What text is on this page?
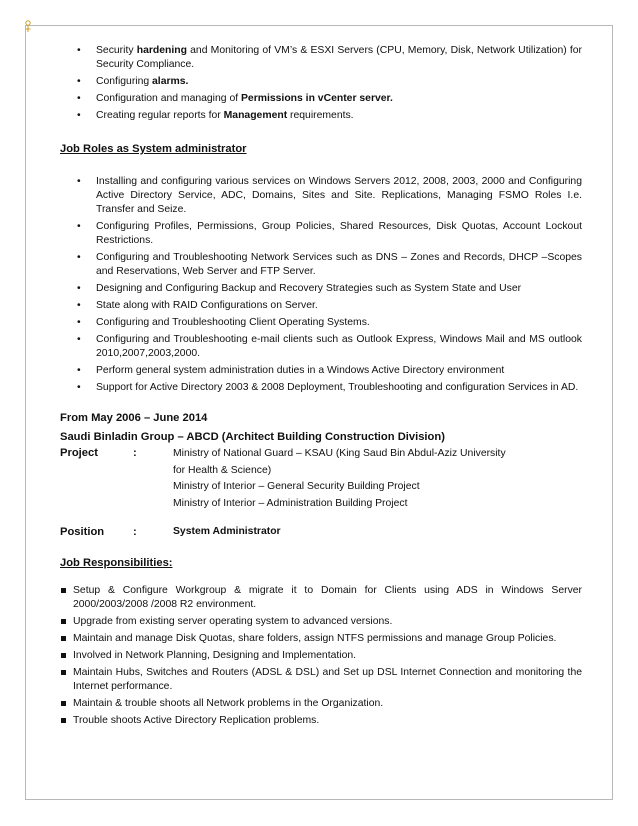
• Security hardening and Monitoring of VM’s & ESXI Servers (CPU, Memory, Disk, Network Utilization) for Security Compliance.
• Configuring alarms.
• Configuration and managing of Permissions in vCenter server.
• Creating regular reports for Management requirements.
Job Roles as System administrator
• Installing and configuring various services on Windows Servers 2012, 2008, 2003, 2000 and Configuring Active Directory Service, ADC, Domains, Sites and Site. Replications, Managing FSMO Roles I.e. Transfer and Seize.
• Configuring Profiles, Permissions, Group Policies, Shared Resources, Disk Quotas, Account Lockout Restrictions.
• Configuring and Troubleshooting Network Services such as DNS – Zones and Records, DHCP –Scopes and Reservations, Web Server and FTP Server.
• Designing and Configuring Backup and Recovery Strategies such as System State and User
• State along with RAID Configurations on Server.
• Configuring and Troubleshooting Client Operating Systems.
• Configuring and Troubleshooting e-mail clients such as Outlook Express, Windows Mail and MS outlook 2010,2007,2003,2000.
• Perform general system administration duties in a Windows Active Directory environment
• Support for Active Directory 2003 & 2008 Deployment, Troubleshooting and configuration Services in AD.
From May 2006 – June 2014
Saudi Binladin Group – ABCD (Architect Building Construction Division)
Project	:	Ministry of National Guard – KSAU (King Saud Bin Abdul-Aziz University
for Health & Science)
Ministry of Interior – General Security Building Project
Ministry of Interior – Administration Building Project
Position	:	System Administrator
Job Responsibilities:
Setup & Configure Workgroup & migrate it to Domain for Clients using ADS in Windows Server 2000/2003/2008 /2008 R2 environment.
Upgrade from existing server operating system to advanced versions.
Maintain and manage Disk Quotas, share folders, assign NTFS permissions and manage Group Policies.
Involved in Network Planning, Designing and Implementation.
Maintain Hubs, Switches and Routers (ADSL & DSL) and Set up DSL Internet Connection and monitoring the Internet performance.
Maintain & trouble shoots all Network problems in the Organization.
Trouble shoots Active Directory Replication problems.
